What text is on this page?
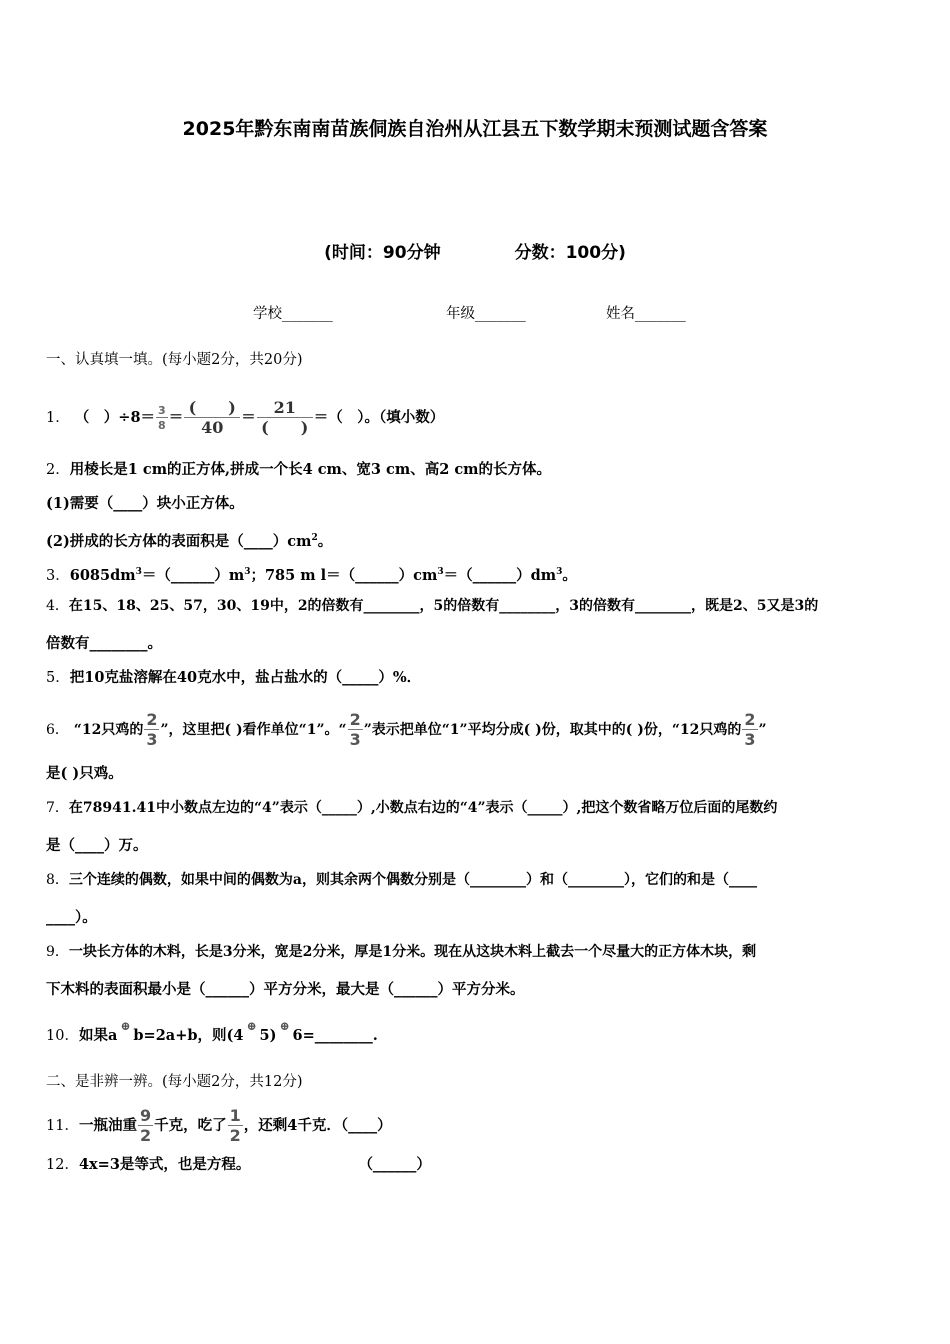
2025年黔东南南苗族侗族自治州从江县五下数学期末预测试题含答案
(时间：90分钟	分数：100分)
学校_______	年级_______	姓名_______
一、认真填一填。(每小题2分，共20分)
1． （　）$\div 8= \frac{3}{8} = \frac{( )}{40} = \frac{21}{( )}$ ＝（　）。（填小数）
2．用棱长是1 cm的正方体,拼成一个长4 cm、宽3 cm、高2 cm的长方体。
(1)需要（____）块小正方体。
(2)拼成的长方体的表面积是$(\_\_\_\_)cm^2$。
3．$6085dm^3=(\_\_\_\_\_\_)m^3$；785 m $l=(\_\_\_\_\_\_)cm^3=(\_\_\_\_\_\_)dm^3$。
4．在15、18、25、57，30、19中，2的倍数有________，5的倍数有________，3的倍数有________，既是2、5又是3的
倍数有________。
5．把10克盐溶解在40克水中，盐占盐水的（_____）%．
6． “12只鸡的 $\frac{2}{3}$ ”，这里把( )看作单位“1”。“ $\frac{2}{3}$ ”表示把单位“1”平均分成( )份，取其中的( )份，“12只鸡的 $\frac{2}{3}$ ”
是( )只鸡。
7．在78941.41中小数点左边的“4”表示（_____）,小数点右边的“4”表示（_____）,把这个数省略万位后面的尾数约
是（____）万。
8．三个连续的偶数，如果中间的偶数为a，则其余两个偶数分别是（________）和（________），它们的和是（____
____）。
9．一块长方体的木料，长是3分米，宽是2分米，厚是1分米。现在从这块木料上截去一个尽量大的正方体木块，剩
下木料的表面积最小是（______）平方分米，最大是（______）平方分米。
10．如果a⊕b=2a+b，则(4⊕5)⊕6=________.
二、是非辨一辨。(每小题2分，共12分)
11．一瓶油重 $\frac{9}{2}$ 千克，吃了 $\frac{1}{2}$ ，还剩4千克．（____）
12．4x=3是等式，也是方程。	（______）
